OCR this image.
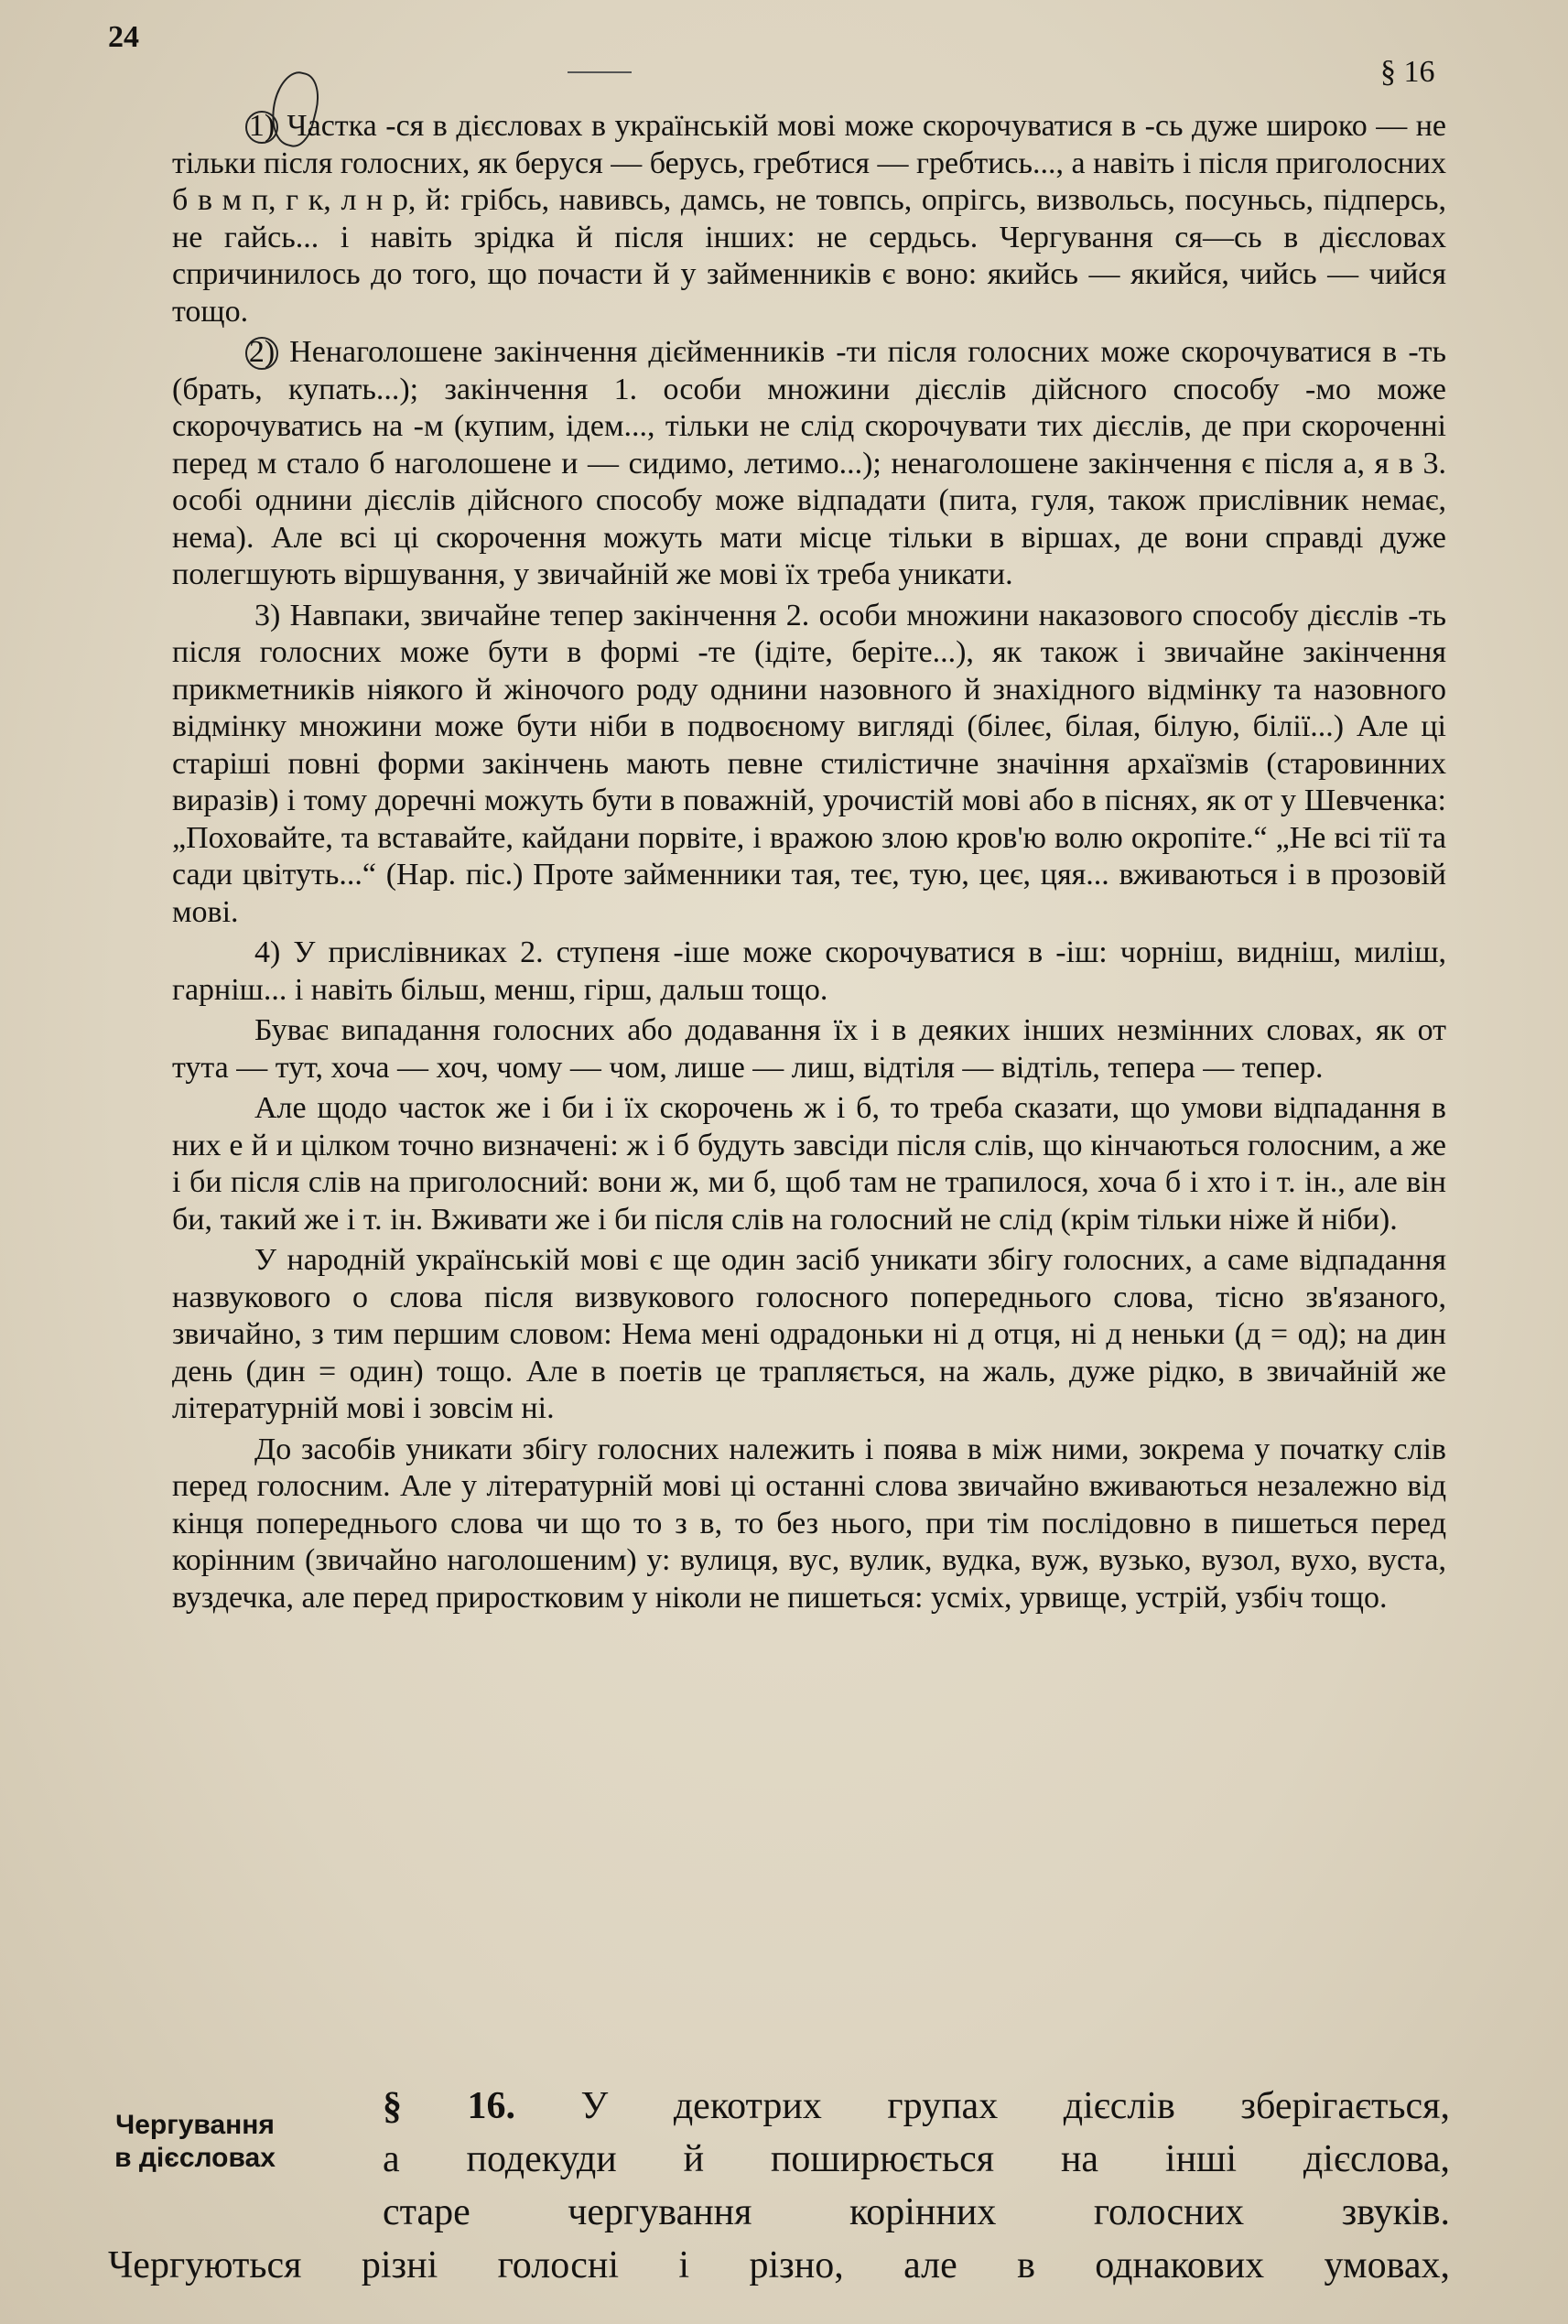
24
§ 16

1) Частка -ся в дієсловах в українській мові може скорочуватися в -сь дуже широко — не тільки після голосних, як беруся — берусь, гребтися — гребтись..., а навіть і після приголосних б в м п, г к, л н р, й: грібсь, навивсь, дамсь, не товпсь, опрігсь, визвольсь, посуньсь, підперсь, не гайсь... і навіть зрідка й після інших: не сердьсь. Чергування ся—сь в дієсловах спричинилось до того, що почасти й у займенників є воно: якийсь — якийся, чийсь — чийся тощо.

2) Ненаголошене закінчення дієйменників -ти після голосних може скорочуватися в -ть (брать, купать...); закінчення 1. особи множини дієслів дійсного способу -мо може скорочуватись на -м (купим, ідем..., тільки не слід скорочувати тих дієслів, де при скороченні перед м стало б наголошене и — сидимо, летимо...); ненаголошене закінчення є після а, я в 3. особі однини дієслів дійсного способу може відпадати (пита, гуля, також прислівник немає, нема). Але всі ці скорочення можуть мати місце тільки в віршах, де вони справді дуже полегшують віршування, у звичайній же мові їх треба уникати.

3) Навпаки, звичайне тепер закінчення 2. особи множини наказового способу дієслів -ть після голосних може бути в формі -те (ідіте, беріте...), як також і звичайне закінчення прикметників ніякого й жіночого роду однини назовного й знахідного відмінку та назовного відмінку множини може бути ніби в подвоєному вигляді (білеє, білая, білую, білії...) Але ці старіші повні форми закінчень мають певне стилістичне значіння архаїзмів (старовинних виразів) і тому доречні можуть бути в поважній, урочистій мові або в піснях, як от у Шевченка: „Поховайте, та вставайте, кайдани порвіте, і вражою злою кров'ю волю окропіте.“ „Не всі тії та сади цвітуть...“ (Нар. піс.) Проте займенники тая, теє, тую, цеє, цяя... вживаються і в прозовій мові.

4) У прислівниках 2. ступеня -іше може скорочуватися в -іш: чорніш, видніш, миліш, гарніш... і навіть більш, менш, гірш, дальш тощо.

Буває випадання голосних або додавання їх і в деяких інших незмінних словах, як от тута — тут, хоча — хоч, чому — чом, лише — лиш, відтіля — відтіль, тепера — тепер.

Але щодо часток же і би і їх скорочень ж і б, то треба сказати, що умови відпадання в них е й и цілком точно визначені: ж і б будуть завсіди після слів, що кінчаються голосним, а же і би після слів на приголосний: вони ж, ми б, щоб там не трапилося, хоча б і хто і т. ін., але він би, такий же і т. ін. Вживати же і би після слів на голосний не слід (крім тільки ніже й ніби).

У народній українській мові є ще один засіб уникати збігу голосних, а саме відпадання назвукового о слова після визвукового голосного попереднього слова, тісно зв'язаного, звичайно, з тим першим словом: Нема мені одрадоньки ні д отця, ні д неньки (д = од); на дин день (дин = один) тощо. Але в поетів це трапляється, на жаль, дуже рідко, в звичайній же літературній мові і зовсім ні.

До засобів уникати збігу голосних належить і поява в між ними, зокрема у початку слів перед голосним. Але у літературній мові ці останні слова звичайно вживаються незалежно від кінця попереднього слова чи що то з в, то без нього, при тім послідовно в пишеться перед корінним (звичайно наголошеним) у: вулиця, вус, вулик, вудка, вуж, вузько, вузол, вухо, вуста, вуздечка, але перед приростковим у ніколи не пишеться: усміх, урвище, устрій, узбіч тощо.

Чергування
в дієсловах
§ 16. У декотрих групах дієслів зберігається,
а подекуди й поширюється на інші дієслова,
старе чергування корінних голосних звуків.
Чергуються різні голосні і різно, але в однакових умовах,
